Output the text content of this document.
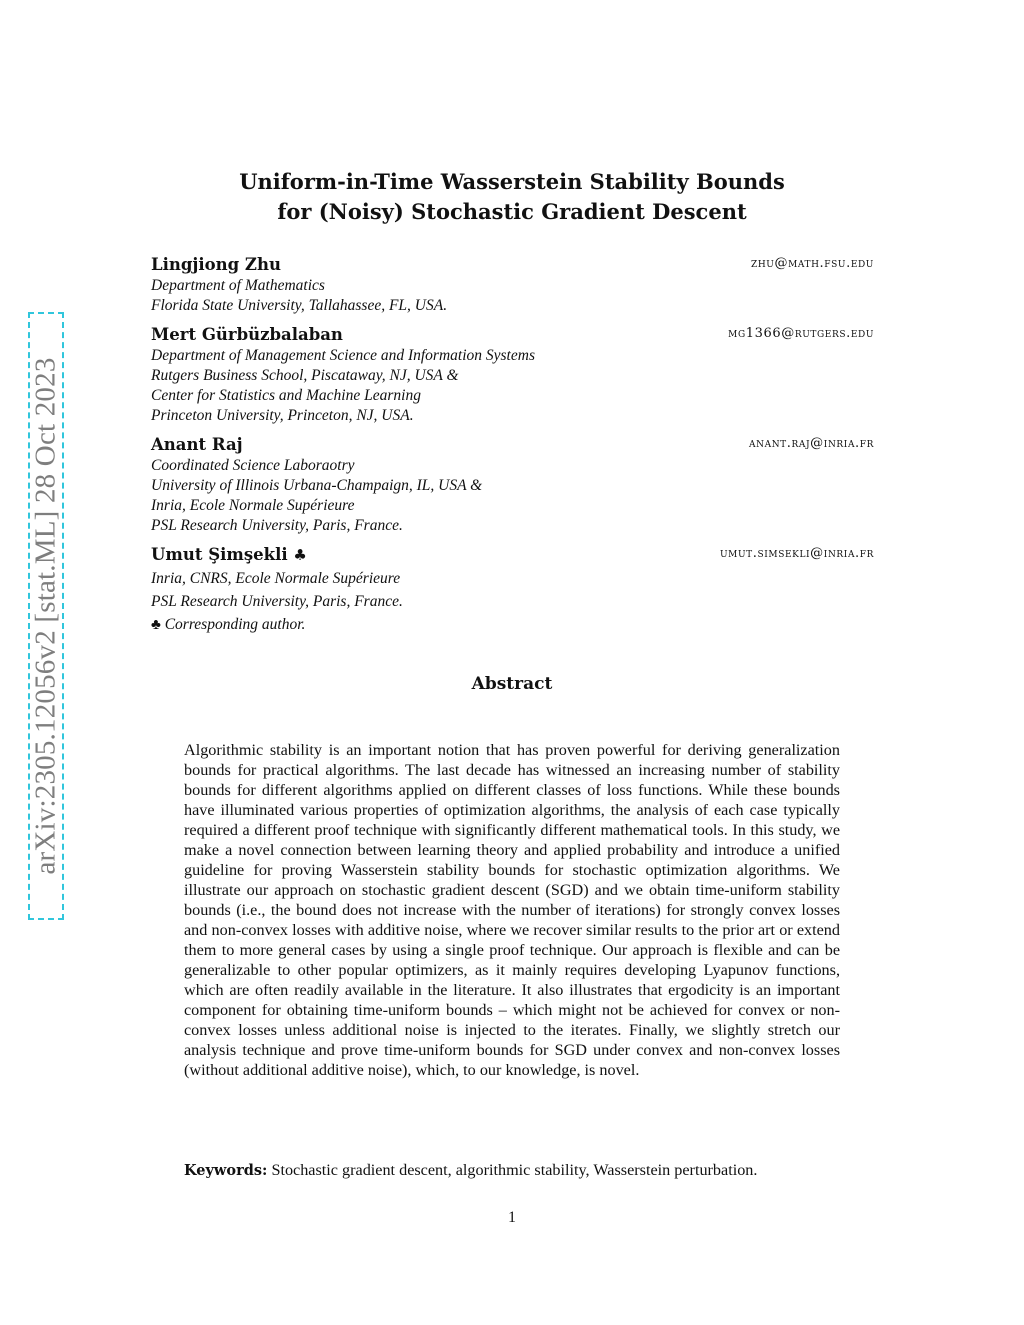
arXiv:2305.12056v2 [stat.ML] 28 Oct 2023
Uniform-in-Time Wasserstein Stability Bounds
for (Noisy) Stochastic Gradient Descent
Lingjiong Zhu	zhu@math.fsu.edu
Department of Mathematics
Florida State University, Tallahassee, FL, USA.
Mert Gürbüzbalaban	mg1366@rutgers.edu
Department of Management Science and Information Systems
Rutgers Business School, Piscataway, NJ, USA &
Center for Statistics and Machine Learning
Princeton University, Princeton, NJ, USA.
Anant Raj	anant.raj@inria.fr
Coordinated Science Laboraotry
University of Illinois Urbana-Champaign, IL, USA &
Inria, Ecole Normale Supérieure
PSL Research University, Paris, France.
Umut Şimşekli ♣	umut.simsekli@inria.fr
Inria, CNRS, Ecole Normale Supérieure
PSL Research University, Paris, France.
♣ Corresponding author.
Abstract
Algorithmic stability is an important notion that has proven powerful for deriving generalization bounds for practical algorithms. The last decade has witnessed an increasing number of stability bounds for different algorithms applied on different classes of loss functions. While these bounds have illuminated various properties of optimization algorithms, the analysis of each case typically required a different proof technique with significantly different mathematical tools. In this study, we make a novel connection between learning theory and applied probability and introduce a unified guideline for proving Wasserstein stability bounds for stochastic optimization algorithms. We illustrate our approach on stochastic gradient descent (SGD) and we obtain time-uniform stability bounds (i.e., the bound does not increase with the number of iterations) for strongly convex losses and non-convex losses with additive noise, where we recover similar results to the prior art or extend them to more general cases by using a single proof technique. Our approach is flexible and can be generalizable to other popular optimizers, as it mainly requires developing Lyapunov functions, which are often readily available in the literature. It also illustrates that ergodicity is an important component for obtaining time-uniform bounds – which might not be achieved for convex or non-convex losses unless additional noise is injected to the iterates. Finally, we slightly stretch our analysis technique and prove time-uniform bounds for SGD under convex and non-convex losses (without additional additive noise), which, to our knowledge, is novel.
Keywords: Stochastic gradient descent, algorithmic stability, Wasserstein perturbation.
1
